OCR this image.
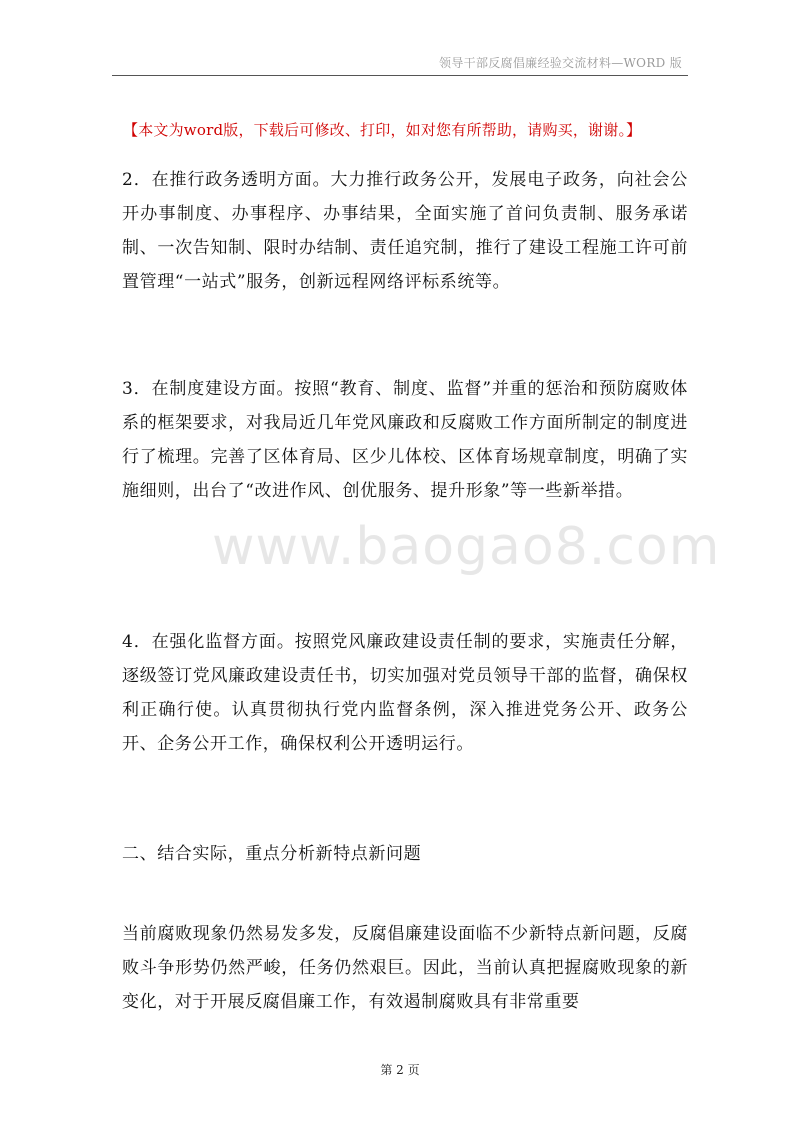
领导干部反腐倡廉经验交流材料—WORD 版
【本文为word版，下载后可修改、打印，如对您有所帮助，请购买，谢谢。】
2．在推行政务透明方面。大力推行政务公开，发展电子政务，向社会公开办事制度、办事程序、办事结果，全面实施了首问负责制、服务承诺制、一次告知制、限时办结制、责任追究制，推行了建设工程施工许可前置管理“一站式”服务，创新远程网络评标系统等。
3．在制度建设方面。按照“教育、制度、监督”并重的惩治和预防腐败体系的框架要求，对我局近几年党风廉政和反腐败工作方面所制定的制度进行了梳理。完善了区体育局、区少儿体校、区体育场规章制度，明确了实施细则，出台了“改进作风、创优服务、提升形象”等一些新举措。
4．在强化监督方面。按照党风廉政建设责任制的要求，实施责任分解，逐级签订党风廉政建设责任书，切实加强对党员领导干部的监督，确保权利正确行使。认真贯彻执行党内监督条例，深入推进党务公开、政务公开、企务公开工作，确保权利公开透明运行。
二、结合实际，重点分析新特点新问题
当前腐败现象仍然易发多发，反腐倡廉建设面临不少新特点新问题，反腐败斗争形势仍然严峻，任务仍然艰巨。因此，当前认真把握腐败现象的新变化，对于开展反腐倡廉工作，有效遏制腐败具有非常重要
www.baogao8.com
第 2 页
